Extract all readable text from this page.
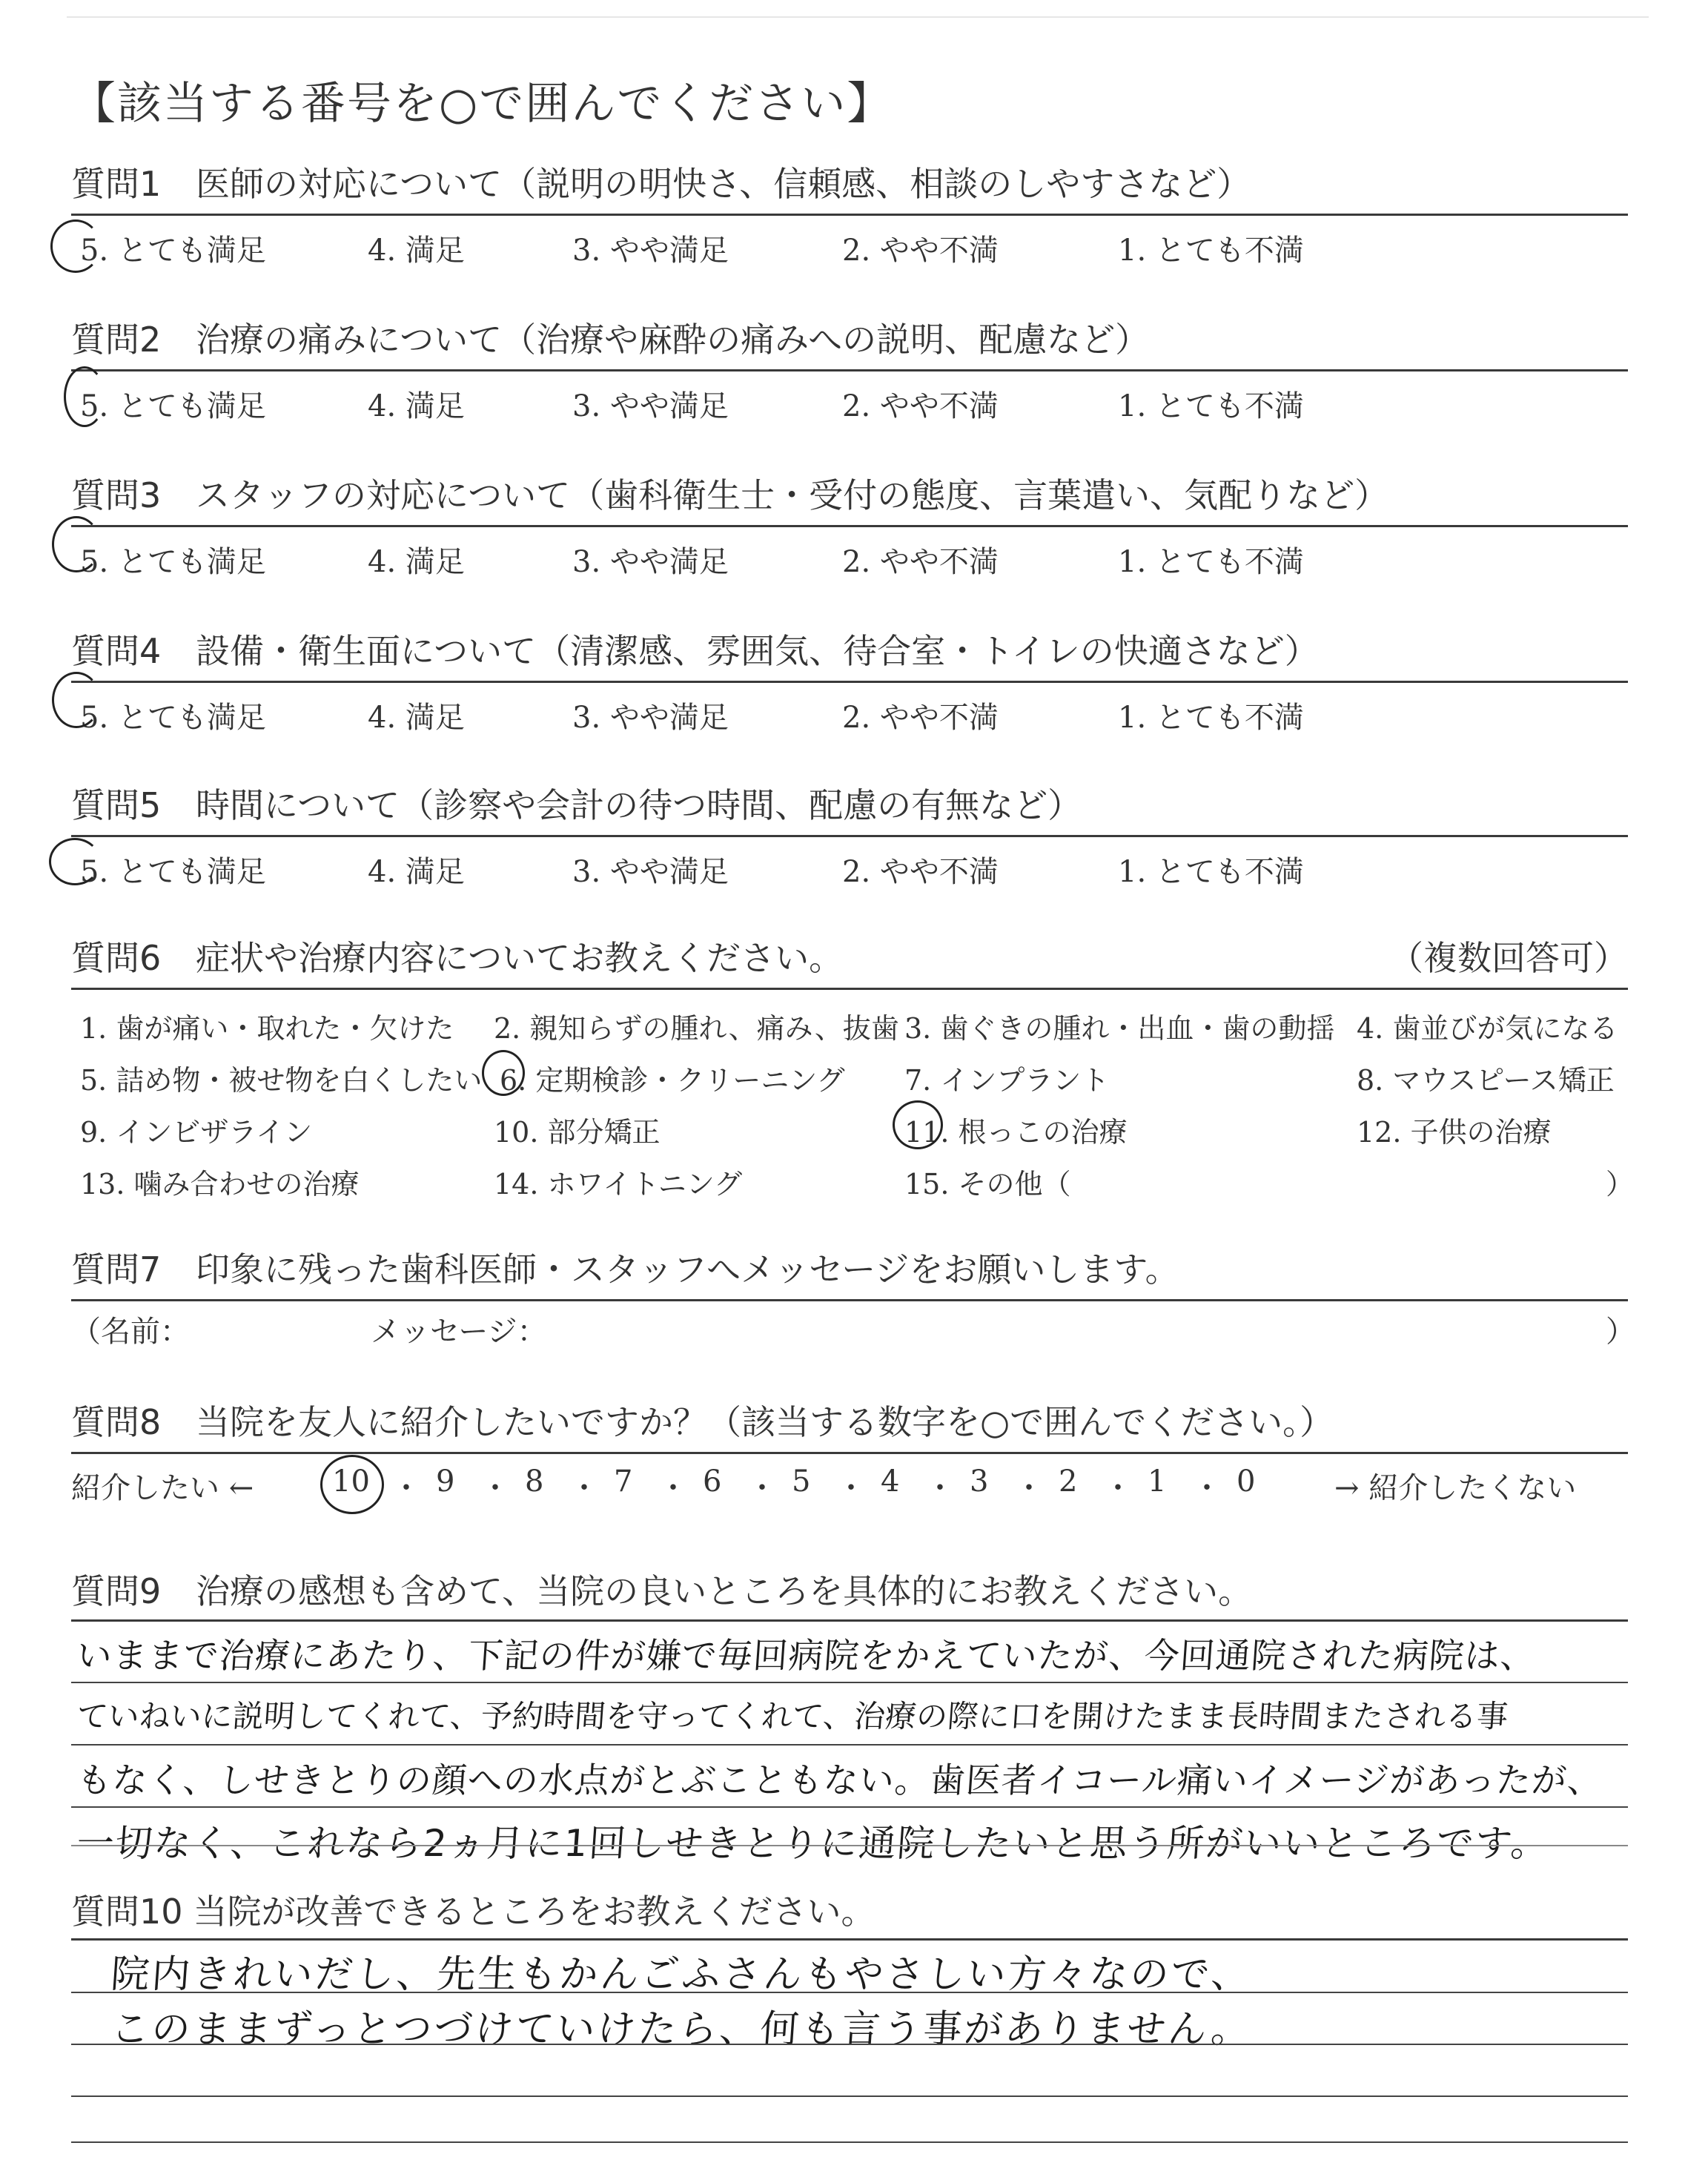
【該当する番号を○で囲んでください】
質問1 医師の対応について（説明の明快さ、信頼感、相談のしやすさなど）
5. とても満足	4. 満足	3. やや満足	2. やや不満	1. とても不満
質問2 治療の痛みについて（治療や麻酔の痛みへの説明、配慮など）
5. とても満足	4. 満足	3. やや満足	2. やや不満	1. とても不満
質問3 スタッフの対応について（歯科衛生士・受付の態度、言葉遣い、気配りなど）
5. とても満足	4. 満足	3. やや満足	2. やや不満	1. とても不満
質問4 設備・衛生面について（清潔感、雰囲気、待合室・トイレの快適さなど）
5. とても満足	4. 満足	3. やや満足	2. やや不満	1. とても不満
質問5 時間について（診察や会計の待つ時間、配慮の有無など）
5. とても満足	4. 満足	3. やや満足	2. やや不満	1. とても不満
質問6 症状や治療内容についてお教えください。	（複数回答可）
1. 歯が痛い・取れた・欠けた 2. 親知らずの腫れ、痛み、抜歯 3. 歯ぐきの腫れ・出血・歯の動揺 4. 歯並びが気になる
5. 詰め物・被せ物を白くしたい 6. 定期検診・クリーニング 7. インプラント	8. マウスピース矯正
9. インビザライン	10. 部分矯正	11. 根っこの治療	12. 子供の治療
13. 噛み合わせの治療	14. ホワイトニング	15. その他（	）
質問7 印象に残った歯科医師・スタッフへメッセージをお願いします。
（名前：	メッセージ：	）
質問8 当院を友人に紹介したいですか？（該当する数字を○で囲んでください。）
紹介したい ←	10 ・ 9 ・ 8 ・ 7 ・ 6 ・ 5 ・ 4 ・ 3 ・ 2 ・ 1 ・ 0	→ 紹介したくない
質問9 治療の感想も含めて、当院の良いところを具体的にお教えください。
いままで治療にあたり、下記の件が嫌で毎回病院をかえていたが、今回通院された病院は、
ていねいに説明してくれて、予約時間を守ってくれて、治療の際に口を開けたまま長時間またされる事
もなく、しせきとりの顔への水点がとぶこともない。歯医者イコール痛いイメージがあったが、
一切なく、これなら2ヵ月に1回しせきとりに通院したいと思う所がいいところです。
質問10 当院が改善できるところをお教えください。
院内きれいだし、先生もかんごふさんもやさしい方々なので、
このままずっとつづけていけたら、何も言う事がありません。
